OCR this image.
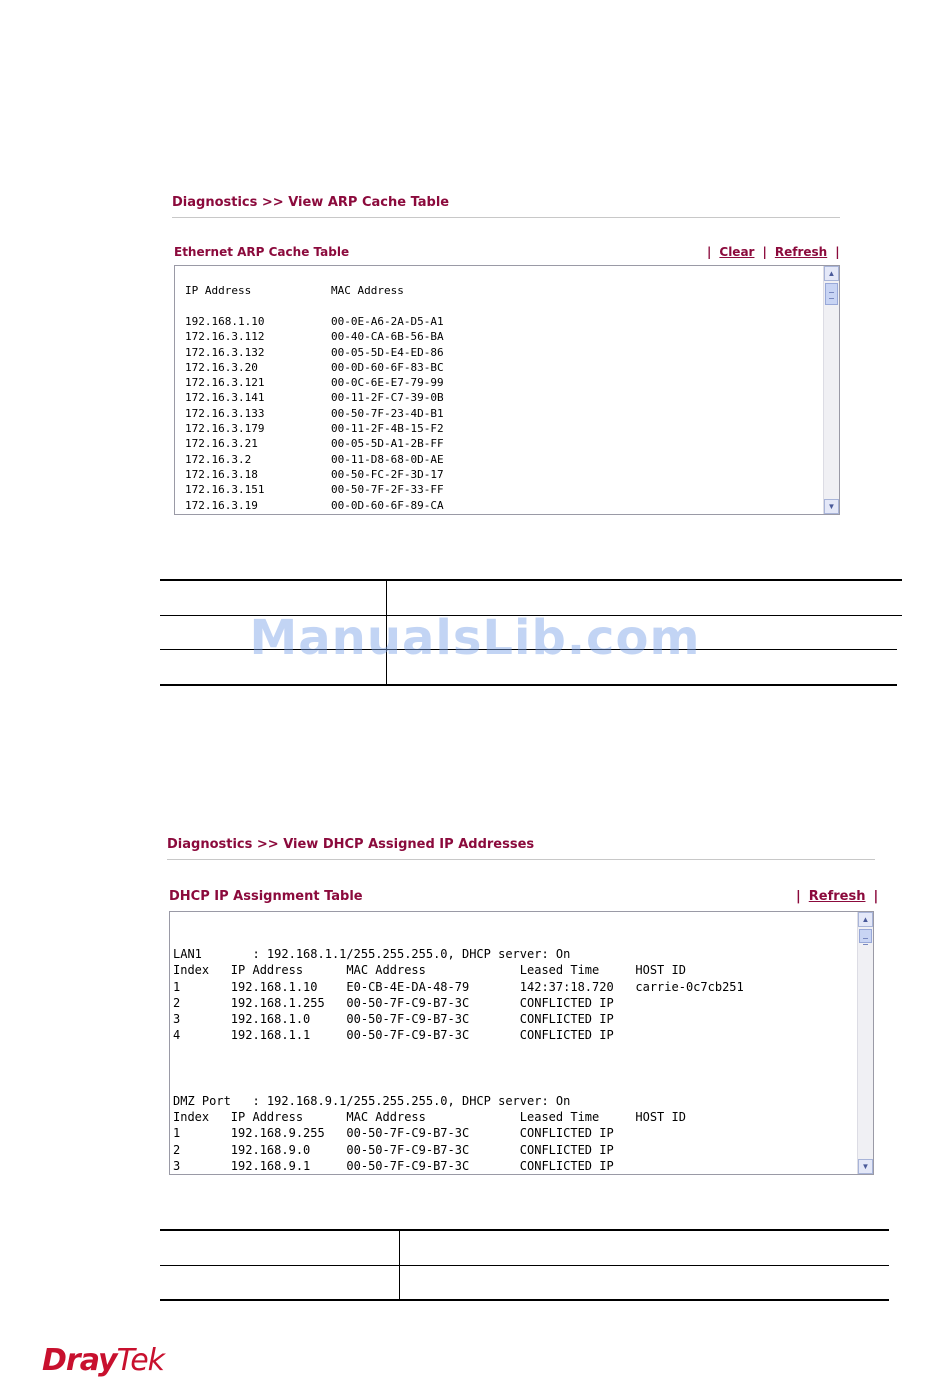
Diagnostics >> View ARP Cache Table
Ethernet ARP Cache Table	| Clear | Refresh |
IP Address	MAC Address
192.168.1.10	00-0E-A6-2A-D5-A1
172.16.3.112	00-40-CA-6B-56-BA
172.16.3.132	00-05-5D-E4-ED-86
172.16.3.20	00-0D-60-6F-83-BC
172.16.3.121	00-0C-6E-E7-79-99
172.16.3.141	00-11-2F-C7-39-0B
172.16.3.133	00-50-7F-23-4D-B1
172.16.3.179	00-11-2F-4B-15-F2
172.16.3.21	00-05-5D-A1-2B-FF
172.16.3.2	00-11-D8-68-0D-AE
172.16.3.18	00-50-FC-2F-3D-17
172.16.3.151	00-50-7F-2F-33-FF
172.16.3.19	00-0D-60-6F-89-CA
▲
▼
ManualsLib.com
Diagnostics >> View DHCP Assigned IP Addresses
DHCP IP Assignment Table	| Refresh |
LAN1       : 192.168.1.1/255.255.255.0, DHCP server: On
Index   IP Address      MAC Address             Leased Time     HOST ID
1       192.168.1.10    E0-CB-4E-DA-48-79       142:37:18.720   carrie-0c7cb251
2       192.168.1.255   00-50-7F-C9-B7-3C       CONFLICTED IP
3       192.168.1.0     00-50-7F-C9-B7-3C       CONFLICTED IP
4       192.168.1.1     00-50-7F-C9-B7-3C       CONFLICTED IP

DMZ Port   : 192.168.9.1/255.255.255.0, DHCP server: On
Index   IP Address      MAC Address             Leased Time     HOST ID
1       192.168.9.255   00-50-7F-C9-B7-3C       CONFLICTED IP
2       192.168.9.0     00-50-7F-C9-B7-3C       CONFLICTED IP
3       192.168.9.1     00-50-7F-C9-B7-3C       CONFLICTED IP
▲
▼
DrayTek
